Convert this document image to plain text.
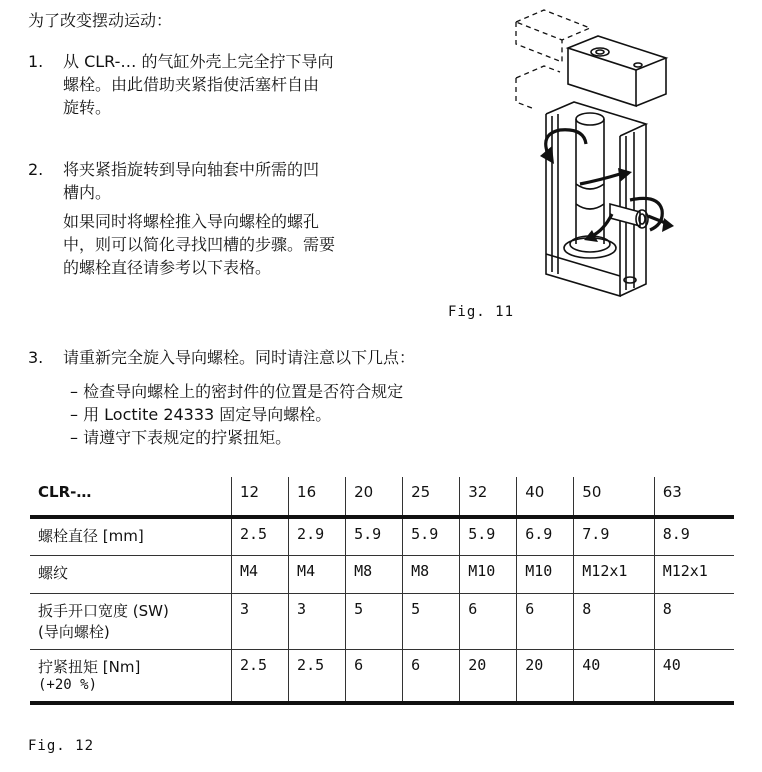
为了改变摆动运动：
1.	从 CLR-… 的气缸外壳上完全拧下导向
螺栓。由此借助夹紧指使活塞杆自由
旋转。
2.	将夹紧指旋转到导向轴套中所需的凹
槽内。
如果同时将螺栓推入导向螺栓的螺孔
中，则可以简化寻找凹槽的步骤。需要
的螺栓直径请参考以下表格。
3.	请重新完全旋入导向螺栓。同时请注意以下几点：
– 检查导向螺栓上的密封件的位置是否符合规定
– 用 Loctite 24333 固定导向螺栓。
– 请遵守下表规定的拧紧扭矩。
Fig. 11
CLR-…	12	16	20	25	32	40	50	63
螺栓直径 [mm]	2.5	2.9	5.9	5.9	5.9	6.9	7.9	8.9
螺纹	M4	M4	M8	M8	M10	M10	M12x1	M12x1

扳手开口宽度 (SW)
(导向螺栓)	3	3	5	5	6	6	8	8

拧紧扭矩 [Nm]
(+20 %)	2.5	2.5	6	6	20	20	40	40
Fig. 12
